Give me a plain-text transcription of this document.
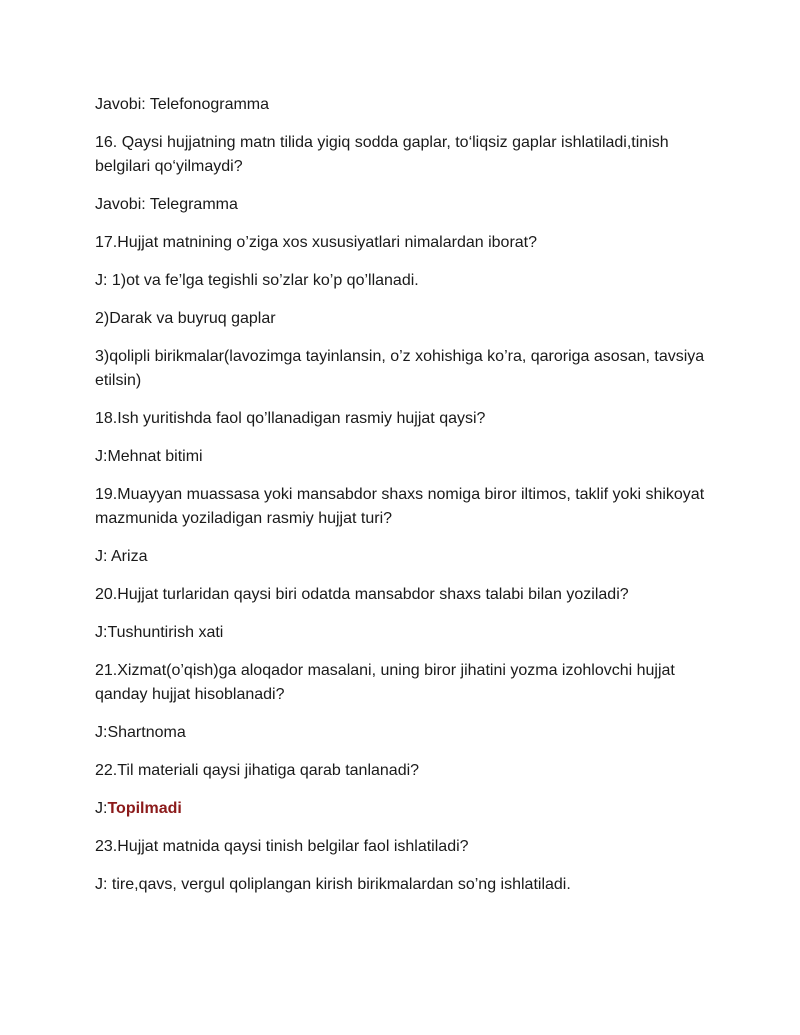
Javobi: Telefonogramma

16. Qaysi hujjatning matn tilida yigiq sodda gaplar, to‘liqsiz gaplar ishlatiladi,tinish belgilari qo‘yilmaydi?

Javobi: Telegramma

17.Hujjat matnining o’ziga xos xususiyatlari nimalardan iborat?

J: 1)ot va fe’lga tegishli so’zlar ko’p qo’llanadi.

2)Darak va buyruq gaplar

3)qolipli birikmalar(lavozimga tayinlansin, o’z xohishiga ko’ra, qaroriga asosan, tavsiya etilsin)

18.Ish yuritishda faol qo’llanadigan rasmiy hujjat qaysi?

J:Mehnat bitimi

19.Muayyan muassasa yoki mansabdor shaxs nomiga biror iltimos, taklif yoki shikoyat mazmunida yoziladigan rasmiy hujjat turi?

J: Ariza

20.Hujjat turlaridan qaysi biri odatda mansabdor shaxs talabi bilan yoziladi?

J:Tushuntirish xati

21.Xizmat(o’qish)ga aloqador masalani, uning biror jihatini yozma izohlovchi hujjat qanday hujjat hisoblanadi?

J:Shartnoma

22.Til materiali qaysi jihatiga qarab tanlanadi?

J:Topilmadi

23.Hujjat matnida qaysi tinish belgilar faol ishlatiladi?

J: tire,qavs, vergul qoliplangan kirish birikmalardan so’ng ishlatiladi.
